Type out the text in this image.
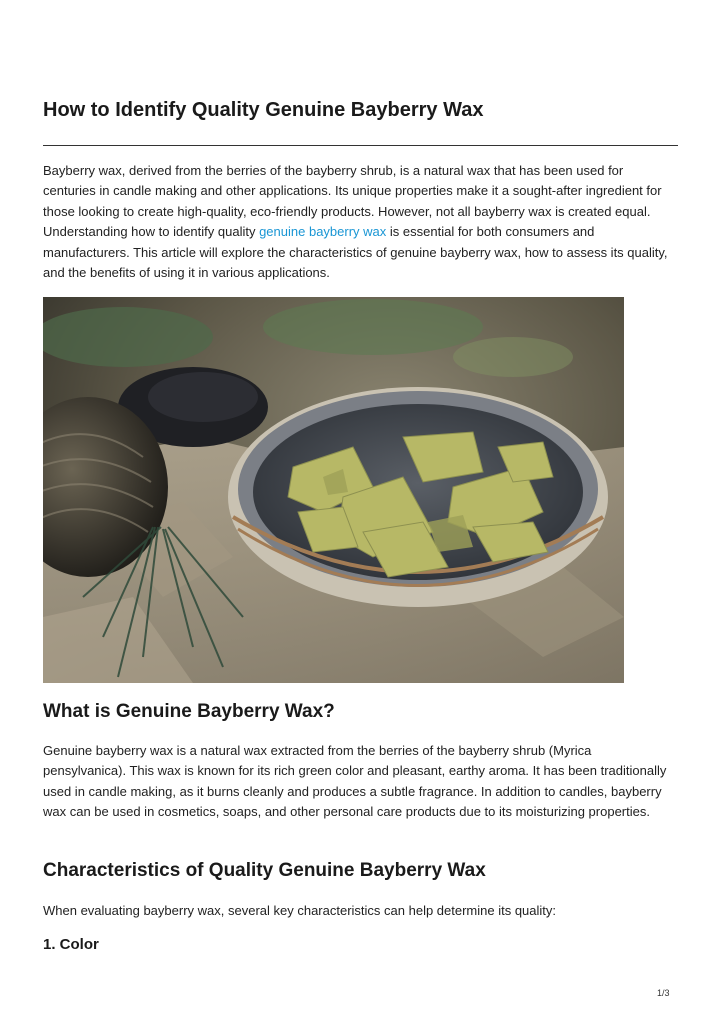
How to Identify Quality Genuine Bayberry Wax

Bayberry wax, derived from the berries of the bayberry shrub, is a natural wax that has been used for centuries in candle making and other applications. Its unique properties make it a sought-after ingredient for those looking to create high-quality, eco-friendly products. However, not all bayberry wax is created equal. Understanding how to identify quality genuine bayberry wax is essential for both consumers and manufacturers. This article will explore the characteristics of genuine bayberry wax, how to assess its quality, and the benefits of using it in various applications.

What is Genuine Bayberry Wax?

Genuine bayberry wax is a natural wax extracted from the berries of the bayberry shrub (Myrica pensylvanica). This wax is known for its rich green color and pleasant, earthy aroma. It has been traditionally used in candle making, as it burns cleanly and produces a subtle fragrance. In addition to candles, bayberry wax can be used in cosmetics, soaps, and other personal care products due to its moisturizing properties.

Characteristics of Quality Genuine Bayberry Wax

When evaluating bayberry wax, several key characteristics can help determine its quality:

1. Color
1/3
